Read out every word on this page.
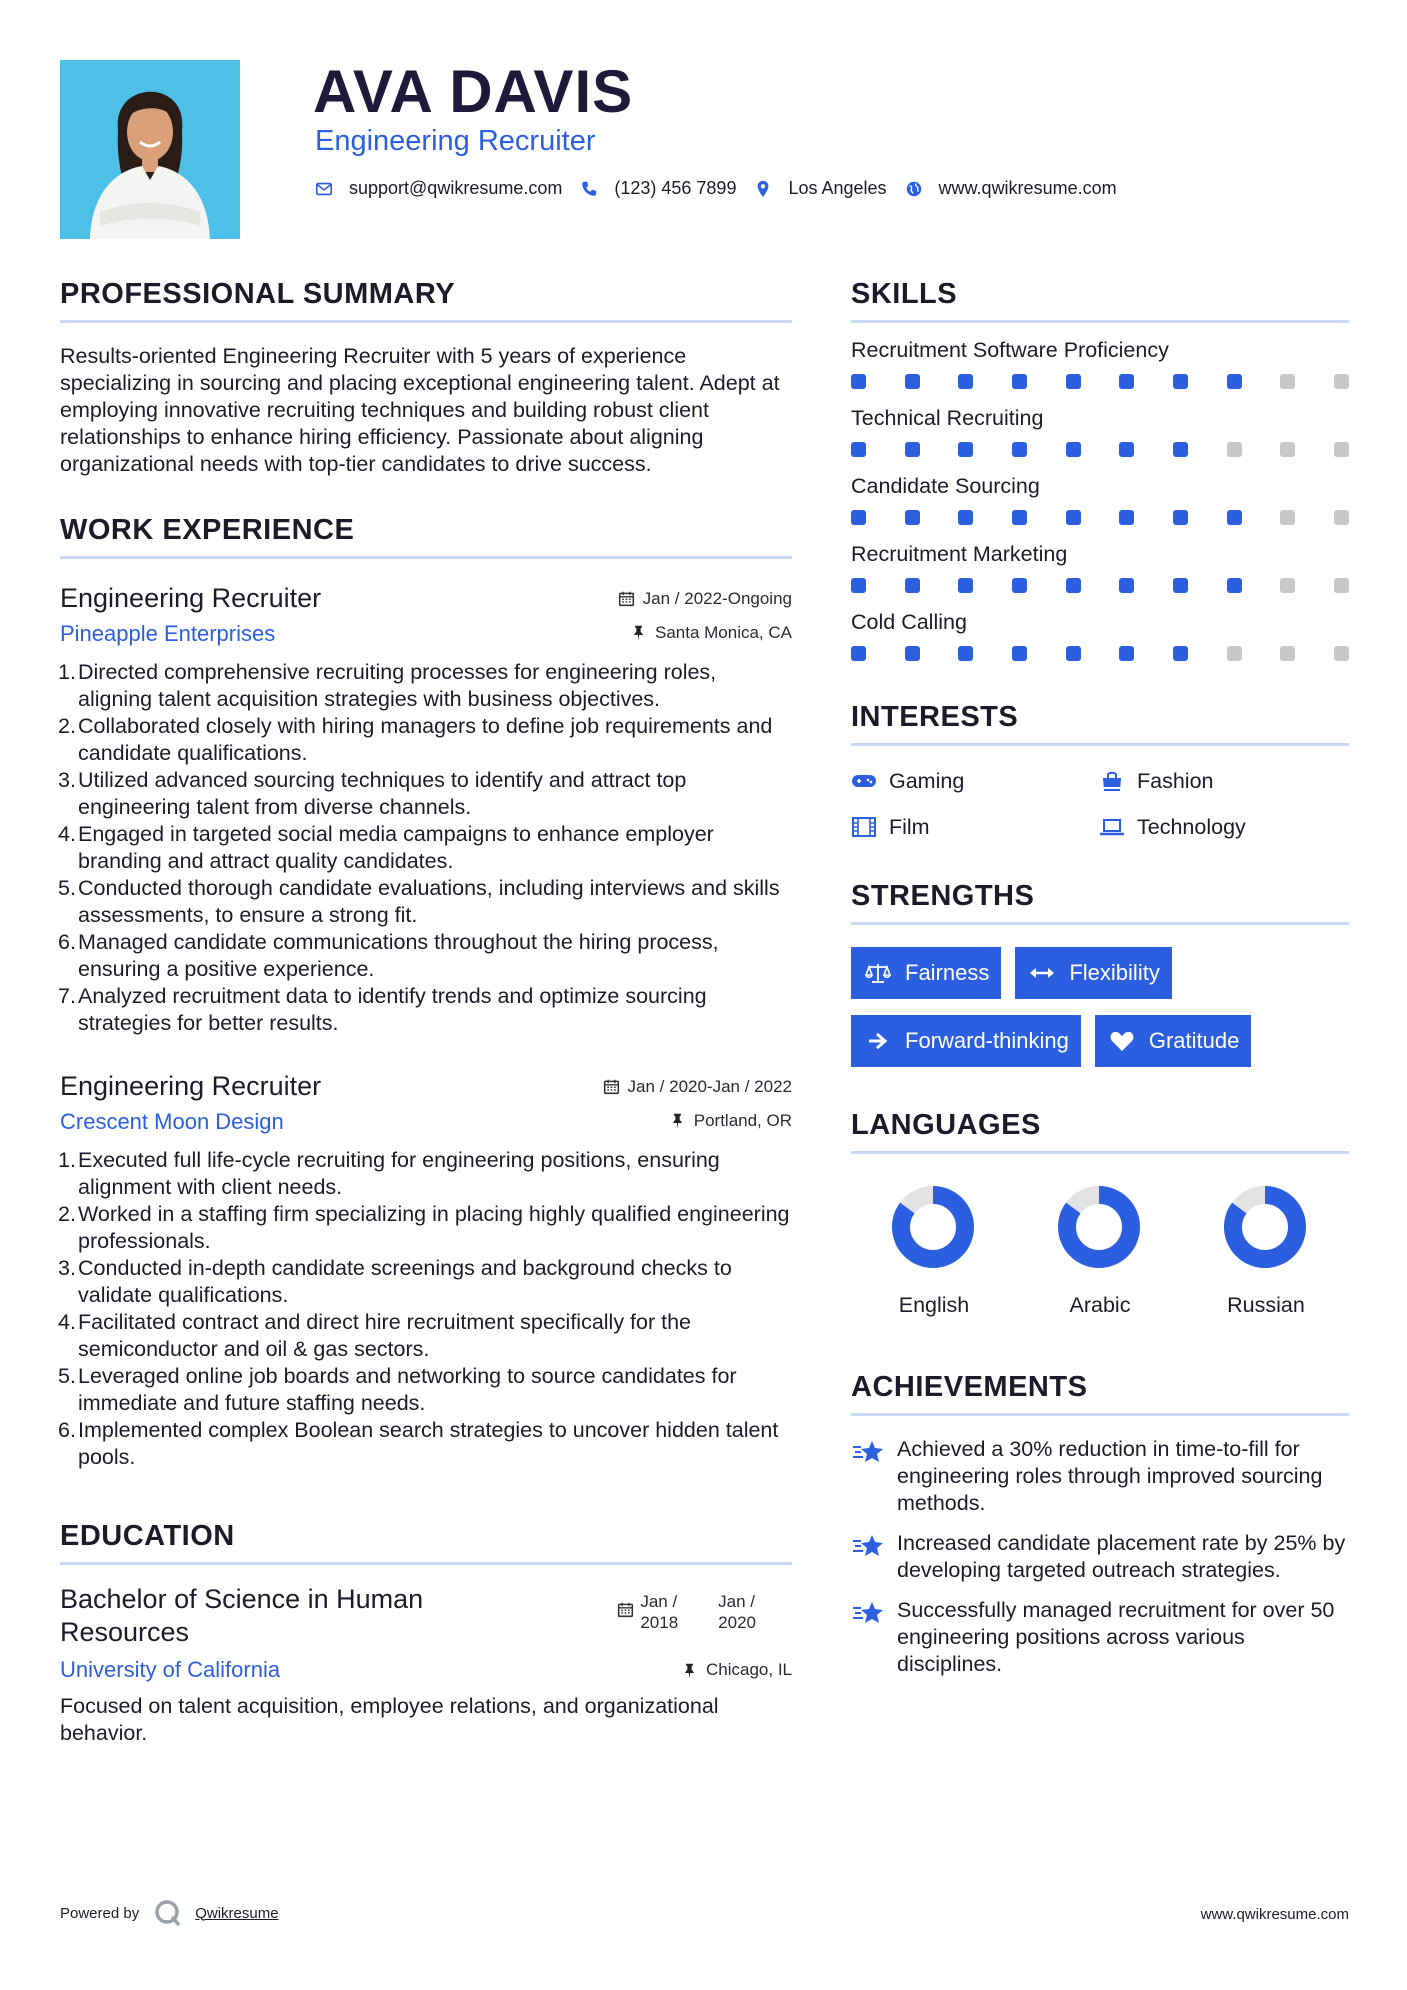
AVA DAVIS
Engineering Recruiter
support@qwikresume.com	(123) 456 7899	Los Angeles	www.qwikresume.com
PROFESSIONAL SUMMARY

Results-oriented Engineering Recruiter with 5 years of experience specializing in sourcing and placing exceptional engineering talent. Adept at employing innovative recruiting techniques and building robust client relationships to enhance hiring efficiency. Passionate about aligning organizational needs with top-tier candidates to drive success.

WORK EXPERIENCE
Engineering Recruiter	Jan / 2022-Ongoing
Pineapple Enterprises	Santa Monica, CA
1. Directed comprehensive recruiting processes for engineering roles, aligning talent acquisition strategies with business objectives.
2. Collaborated closely with hiring managers to define job requirements and candidate qualifications.
3. Utilized advanced sourcing techniques to identify and attract top engineering talent from diverse channels.
4. Engaged in targeted social media campaigns to enhance employer branding and attract quality candidates.
5. Conducted thorough candidate evaluations, including interviews and skills assessments, to ensure a strong fit.
6. Managed candidate communications throughout the hiring process, ensuring a positive experience.
7. Analyzed recruitment data to identify trends and optimize sourcing strategies for better results.
Engineering Recruiter	Jan / 2020-Jan / 2022
Crescent Moon Design	Portland, OR
1. Executed full life-cycle recruiting for engineering positions, ensuring alignment with client needs.
2. Worked in a staffing firm specializing in placing highly qualified engineering professionals.
3. Conducted in-depth candidate screenings and background checks to validate qualifications.
4. Facilitated contract and direct hire recruitment specifically for the semiconductor and oil & gas sectors.
5. Leveraged online job boards and networking to source candidates for immediate and future staffing needs.
6. Implemented complex Boolean search strategies to uncover hidden talent pools.
EDUCATION
Bachelor of Science in Human Resources
Jan /
2018
Jan /
2020
University of California	Chicago, IL

Focused on talent acquisition, employee relations, and organizational behavior.

SKILLS
Recruitment Software Proficiency
Technical Recruiting
Candidate Sourcing
Recruitment Marketing
Cold Calling
INTERESTS
Gaming	Fashion
Film	Technology
STRENGTHS
Fairness	Flexibility
Forward-thinking	Gratitude
LANGUAGES
English	Arabic	Russian
ACHIEVEMENTS
Achieved a 30% reduction in time-to-fill for engineering roles through improved sourcing methods.
Increased candidate placement rate by 25% by developing targeted outreach strategies.
Successfully managed recruitment for over 50 engineering positions across various disciplines.
Powered by	Qwikresume	www.qwikresume.com
